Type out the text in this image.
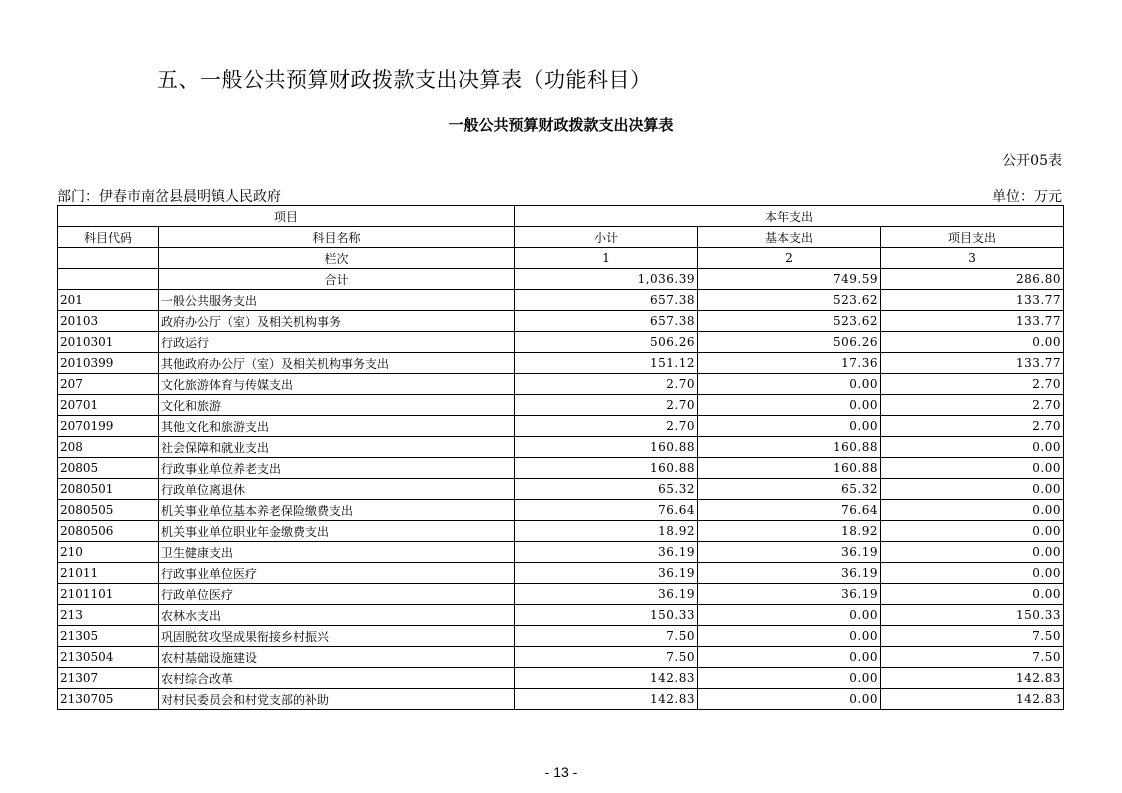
五、一般公共预算财政拨款支出决算表（功能科目）
一般公共预算财政拨款支出决算表
公开05表
部门：伊春市南岔县晨明镇人民政府	单位：万元
项目		本年支出		
科目代码	科目名称	小计	基本支出	项目支出
	栏次	1	2	3
	合计	1,036.39	749.59	286.80
201	一般公共服务支出	657.38	523.62	133.77
20103	政府办公厅（室）及相关机构事务	657.38	523.62	133.77
2010301	行政运行	506.26	506.26	0.00
2010399	其他政府办公厅（室）及相关机构事务支出	151.12	17.36	133.77
207	文化旅游体育与传媒支出	2.70	0.00	2.70
20701	文化和旅游	2.70	0.00	2.70
2070199	其他文化和旅游支出	2.70	0.00	2.70
208	社会保障和就业支出	160.88	160.88	0.00
20805	行政事业单位养老支出	160.88	160.88	0.00
2080501	行政单位离退休	65.32	65.32	0.00
2080505	机关事业单位基本养老保险缴费支出	76.64	76.64	0.00
2080506	机关事业单位职业年金缴费支出	18.92	18.92	0.00
210	卫生健康支出	36.19	36.19	0.00
21011	行政事业单位医疗	36.19	36.19	0.00
2101101	行政单位医疗	36.19	36.19	0.00
213	农林水支出	150.33	0.00	150.33
21305	巩固脱贫攻坚成果衔接乡村振兴	7.50	0.00	7.50
2130504	农村基础设施建设	7.50	0.00	7.50
21307	农村综合改革	142.83	0.00	142.83
2130705	对村民委员会和村党支部的补助	142.83	0.00	142.83
- 13 -
